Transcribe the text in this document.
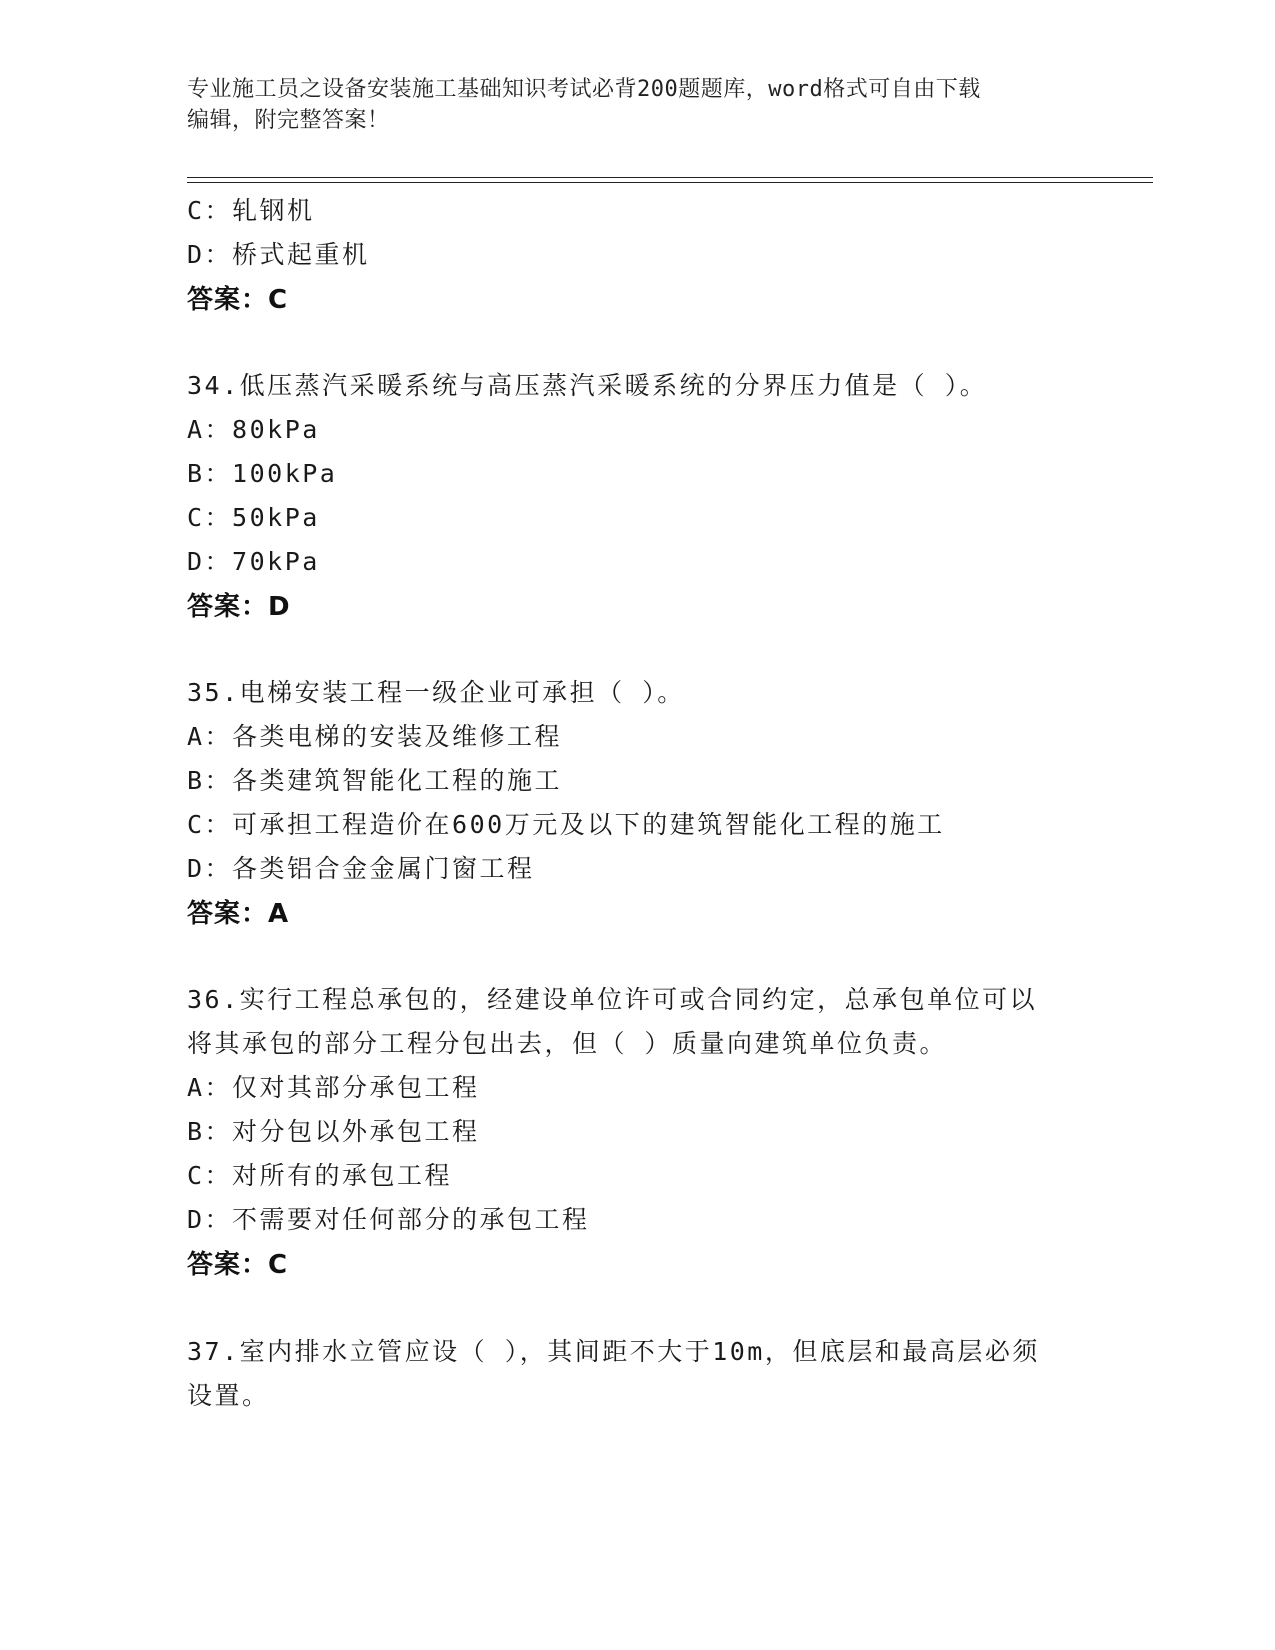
专业施工员之设备安装施工基础知识考试必背200题题库，word格式可自由下载
编辑，附完整答案！
C：轧钢机
D：桥式起重机
答案：C
34.低压蒸汽采暖系统与高压蒸汽采暖系统的分界压力值是（ ）。
A：80kPa
B：100kPa
C：50kPa
D：70kPa
答案：D
35.电梯安装工程一级企业可承担（ ）。
A：各类电梯的安装及维修工程
B：各类建筑智能化工程的施工
C：可承担工程造价在600万元及以下的建筑智能化工程的施工
D：各类铝合金金属门窗工程
答案：A
36.实行工程总承包的，经建设单位许可或合同约定，总承包单位可以
将其承包的部分工程分包出去，但（ ）质量向建筑单位负责。
A：仅对其部分承包工程
B：对分包以外承包工程
C：对所有的承包工程
D：不需要对任何部分的承包工程
答案：C
37.室内排水立管应设（ ），其间距不大于10m，但底层和最高层必须
设置。
